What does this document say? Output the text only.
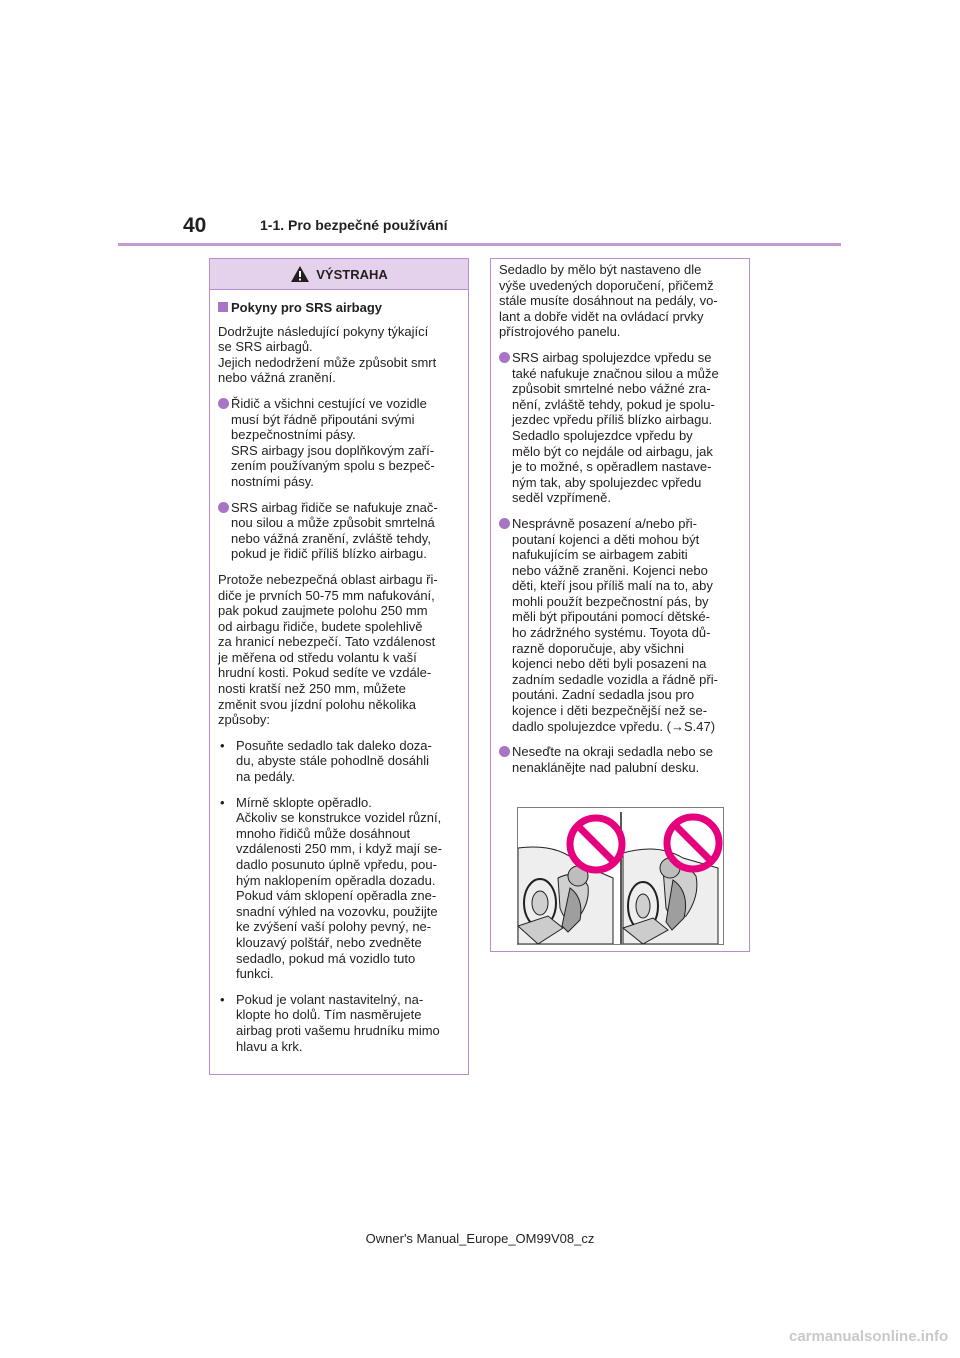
40	1-1. Pro bezpečné používání
VÝSTRAHA
Pokyny pro SRS airbagy

Dodržujte následující pokyny týkající
se SRS airbagů.
Jejich nedodržení může způsobit smrt
nebo vážná zranění.

Řidič a všichni cestující ve vozidle
musí být řádně připoutáni svými
bezpečnostními pásy.
SRS airbagy jsou doplňkovým zaří-
zením používaným spolu s bezpeč-
nostními pásy.
SRS airbag řidiče se nafukuje znač-
nou silou a může způsobit smrtelná
nebo vážná zranění, zvláště tehdy,
pokud je řidič příliš blízko airbagu.

Protože nebezpečná oblast airbagu ři-
diče je prvních 50-75 mm nafukování,
pak pokud zaujmete polohu 250 mm
od airbagu řidiče, budete spolehlivě
za hranicí nebezpečí. Tato vzdálenost
je měřena od středu volantu k vaší
hrudní kosti. Pokud sedíte ve vzdále-
nosti kratší než 250 mm, můžete
změnit svou jízdní polohu několika
způsoby:

• Posuňte sedadlo tak daleko doza-
du, abyste stále pohodlně dosáhli
na pedály.
• Mírně sklopte opěradlo.
Ačkoliv se konstrukce vozidel různí,
mnoho řidičů může dosáhnout
vzdálenosti 250 mm, i když mají se-
dadlo posunuto úplně vpředu, pou-
hým naklopením opěradla dozadu.
Pokud vám sklopení opěradla zne-
snadní výhled na vozovku, použijte
ke zvýšení vaší polohy pevný, ne-
klouzavý polštář, nebo zvedněte
sedadlo, pokud má vozidlo tuto
funkci.
• Pokud je volant nastavitelný, na-
klopte ho dolů. Tím nasměrujete
airbag proti vašemu hrudníku mimo
hlavu a krk.

Sedadlo by mělo být nastaveno dle
výše uvedených doporučení, přičemž
stále musíte dosáhnout na pedály, vo-
lant a dobře vidět na ovládací prvky
přístrojového panelu.

SRS airbag spolujezdce vpředu se
také nafukuje značnou silou a může
způsobit smrtelné nebo vážné zra-
nění, zvláště tehdy, pokud je spolu-
jezdec vpředu příliš blízko airbagu.
Sedadlo spolujezdce vpředu by
mělo být co nejdále od airbagu, jak
je to možné, s opěradlem nastave-
ným tak, aby spolujezdec vpředu
seděl vzpřímeně.
Nesprávně posazení a/nebo při-
poutaní kojenci a děti mohou být
nafukujícím se airbagem zabiti
nebo vážně zraněni. Kojenci nebo
děti, kteří jsou příliš malí na to, aby
mohli použít bezpečnostní pás, by
měli být připoutáni pomocí dětské-
ho zádržného systému. Toyota dů-
razně doporučuje, aby všichni
kojenci nebo děti byli posazeni na
zadním sedadle vozidla a řádně při-
poutáni. Zadní sedadla jsou pro
kojence i děti bezpečnější než se-
dadlo spolujezdce vpředu. (→S.47)
Neseďte na okraji sedadla nebo se
nenaklánějte nad palubní desku.
Owner's Manual_Europe_OM99V08_cz
carmanualsonline.info
